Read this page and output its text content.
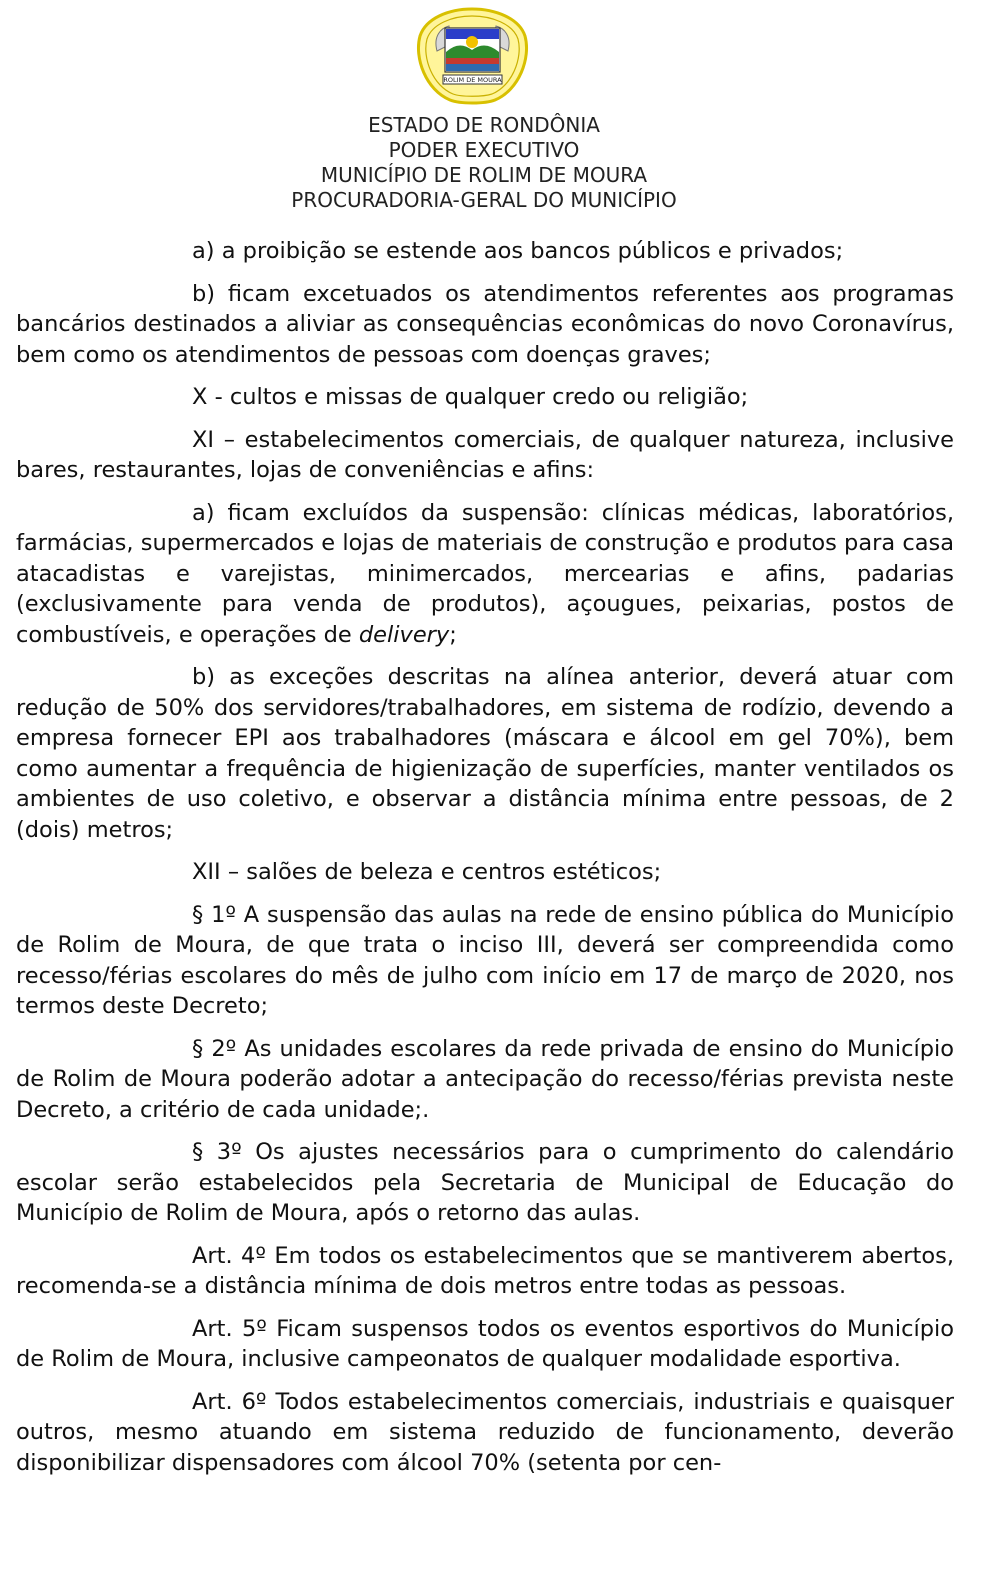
ROLIM DE MOURA
ESTADO DE RONDÔNIA
PODER EXECUTIVO
MUNICÍPIO DE ROLIM DE MOURA
PROCURADORIA-GERAL DO MUNICÍPIO

a) a proibição se estende aos bancos públicos e privados;

b) ficam excetuados os atendimentos referentes aos programas bancários destinados a aliviar as consequências econômicas do novo Coronavírus, bem como os atendimentos de pessoas com doenças graves;

X - cultos e missas de qualquer credo ou religião;

XI – estabelecimentos comerciais, de qualquer natureza, inclusive bares, restaurantes, lojas de conveniências e afins:

a) ficam excluídos da suspensão: clínicas médicas, laboratórios, farmácias, supermercados e lojas de materiais de construção e produtos para casa atacadistas e varejistas, minimercados, mercearias e afins, padarias (exclusivamente para venda de produtos), açougues, peixarias, postos de combustíveis, e operações de delivery;

b) as exceções descritas na alínea anterior, deverá atuar com redução de 50% dos servidores/trabalhadores, em sistema de rodízio, devendo a empresa fornecer EPI aos trabalhadores (máscara e álcool em gel 70%), bem como aumentar a frequência de higienização de superfícies, manter ventilados os ambientes de uso coletivo, e observar a distância mínima entre pessoas, de 2 (dois) metros;

XII – salões de beleza e centros estéticos;

§ 1º A suspensão das aulas na rede de ensino pública do Município de Rolim de Moura, de que trata o inciso III, deverá ser compreendida como recesso/férias escolares do mês de julho com início em 17 de março de 2020, nos termos deste Decreto;

§ 2º As unidades escolares da rede privada de ensino do Município de Rolim de Moura poderão adotar a antecipação do recesso/férias prevista neste Decreto, a critério de cada unidade;.

§ 3º Os ajustes necessários para o cumprimento do calendário escolar serão estabelecidos pela Secretaria de Municipal de Educação do Município de Rolim de Moura, após o retorno das aulas.

Art. 4º Em todos os estabelecimentos que se mantiverem abertos, recomenda-se a distância mínima de dois metros entre todas as pessoas.

Art. 5º Ficam suspensos todos os eventos esportivos do Município de Rolim de Moura, inclusive campeonatos de qualquer modalidade esportiva.

Art. 6º Todos estabelecimentos comerciais, industriais e quaisquer outros, mesmo atuando em sistema reduzido de funcionamento, deverão disponibilizar dispensadores com álcool 70% (setenta por cen-
